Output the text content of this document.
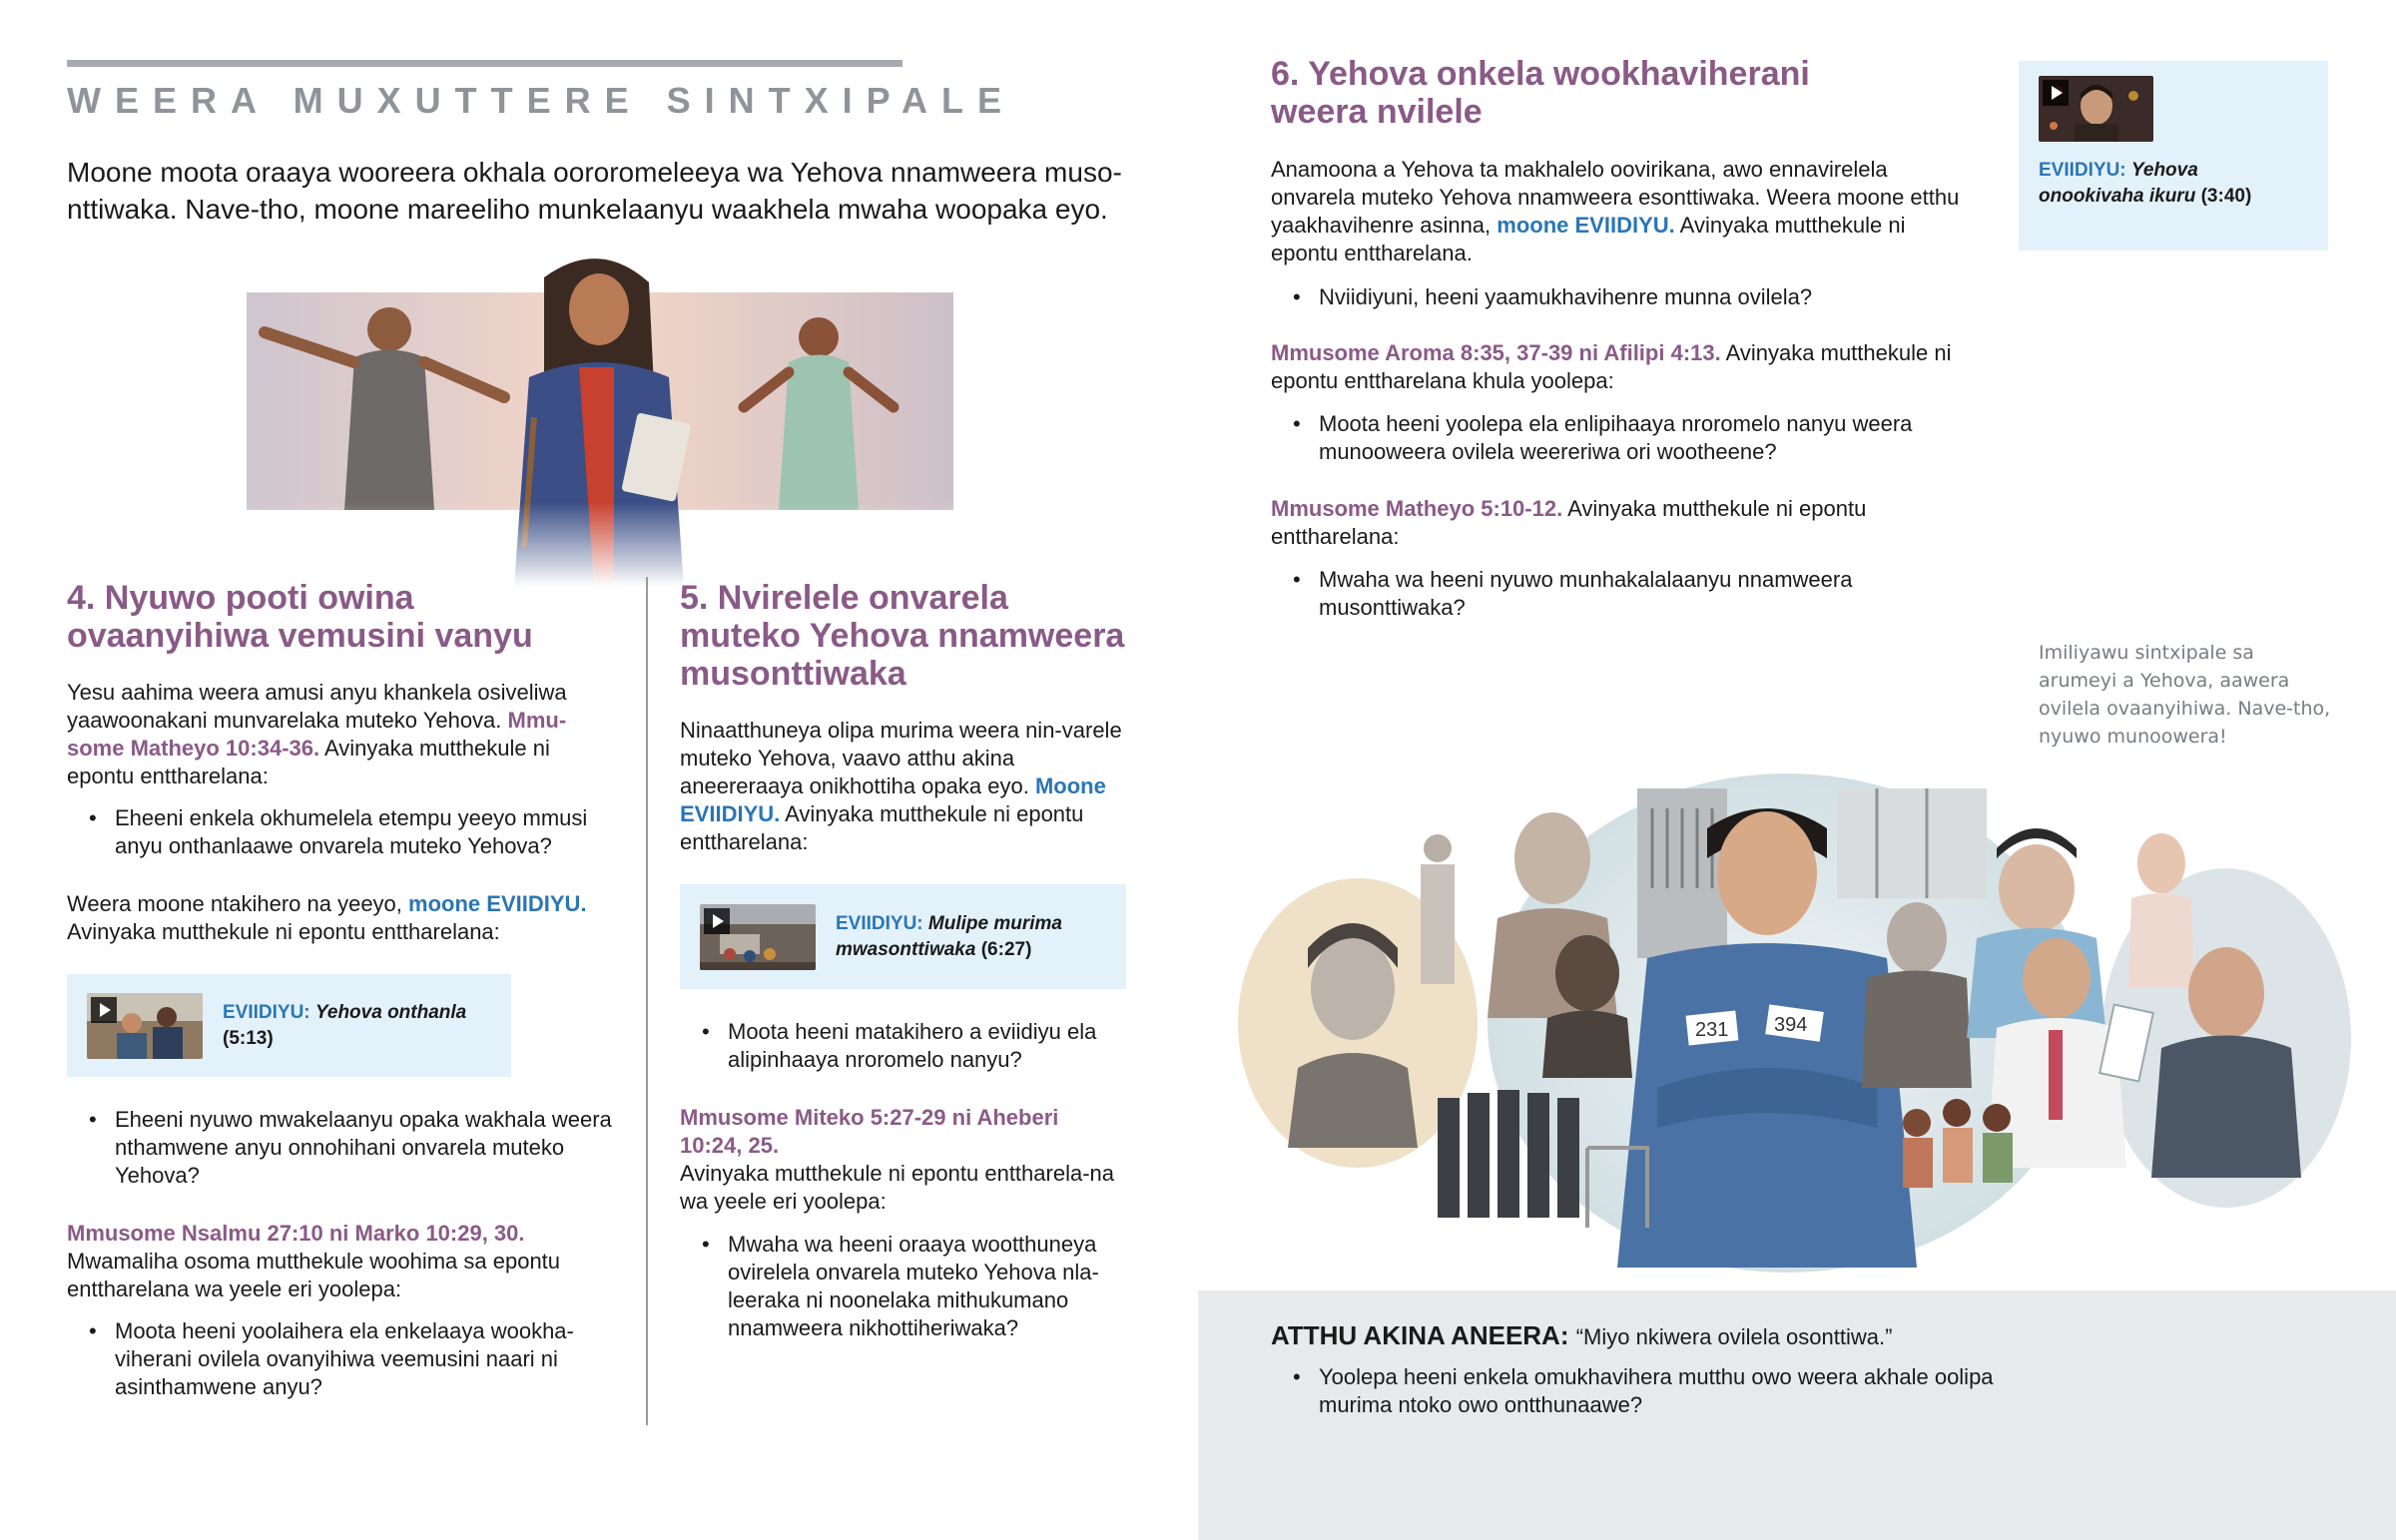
WEERA MUXUTTERE SINTXIPALE
Moone moota oraaya wooreera okhala oororomeleeya wa Yehova nnamweera muso-nttiwaka. Nave-tho, moone mareeliho munkelaanyu waakhela mwaha woopaka eyo.
4. Nyuwo pooti owina
ovaanyihiwa vemusini vanyu
Yesu aahima weera amusi anyu khankela osiveliwa yaawoonakani munvarelaka muteko Yehova. Mmu-some Matheyo 10:34-36. Avinyaka mutthekule ni epontu enttharelana:
• Eheeni enkela okhumelela etempu yeeyo mmusi anyu onthanlaawe onvarela muteko Yehova?
Weera moone ntakihero na yeeyo, moone EVIIDIYU. Avinyaka mutthekule ni epontu enttharelana:
EVIIDIYU: Yehova onthanla
(5:13)
• Eheeni nyuwo mwakelaanyu opaka wakhala weera nthamwene anyu onnohihani onvarela muteko Yehova?
Mmusome Nsalmu 27:10 ni Marko 10:29, 30.
Mwamaliha osoma mutthekule woohima sa epontu enttharelana wa yeele eri yoolepa:
• Moota heeni yoolaihera ela enkelaaya wookha-viherani ovilela ovanyihiwa veemusini naari ni asinthamwene anyu?
5. Nvirelele onvarela
muteko Yehova nnamweera
musonttiwaka
Ninaatthuneya olipa murima weera nin-varele muteko Yehova, vaavo atthu akina aneereraaya onikhottiha opaka eyo. Moone EVIIDIYU. Avinyaka mutthekule ni epontu enttharelana:
EVIIDIYU: Mulipe murima mwasonttiwaka (6:27)
• Moota heeni matakihero a eviidiyu ela alipinhaaya nroromelo nanyu?
Mmusome Miteko 5:27-29 ni Aheberi 10:24, 25.
Avinyaka mutthekule ni epontu enttharela-na wa yeele eri yoolepa:
• Mwaha wa heeni oraaya wootthuneya ovirelela onvarela muteko Yehova nla-leeraka ni noonelaka mithukumano nnamweera nikhottiheriwaka?
6. Yehova onkela wookhaviherani
weera nvilele
Anamoona a Yehova ta makhalelo oovirikana, awo ennavirelela onvarela muteko Yehova nnamweera esonttiwaka. Weera moone etthu yaakhavihenre asinna, moone EVIIDIYU. Avinyaka mutthekule ni epontu enttharelana.
EVIIDIYU: Yehova onookivaha ikuru (3:40)
• Nviidiyuni, heeni yaamukhavihenre munna ovilela?
Mmusome Aroma 8:35, 37-39 ni Afilipi 4:13. Avinyaka mutthekule ni epontu enttharelana khula yoolepa:
• Moota heeni yoolepa ela enlipihaaya nroromelo nanyu weera munooweera ovilela weereriwa ori wootheene?
Mmusome Matheyo 5:10-12. Avinyaka mutthekule ni epontu enttharelana:
• Mwaha wa heeni nyuwo munhakalalaanyu nnamweera musonttiwaka?
Imiliyawu sintxipale sa arumeyi a Yehova, aawera ovilela ovaanyihiwa. Nave-tho, nyuwo munoowera!
231 394
ATTHU AKINA ANEERA: “Miyo nkiwera ovilela osonttiwa.”
• Yoolepa heeni enkela omukhavihera mutthu owo weera akhale oolipa murima ntoko owo ontthunaawe?
